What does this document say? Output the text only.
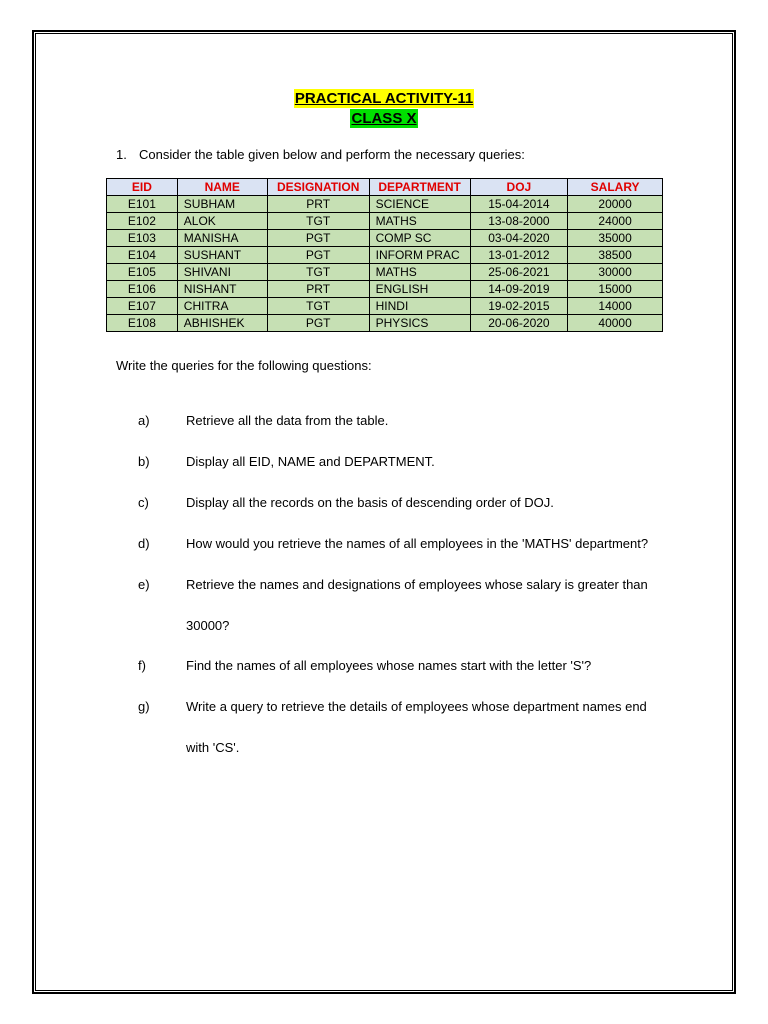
PRACTICAL ACTIVITY-11
CLASS X
1. Consider the table given below and perform the necessary queries:
EID	NAME	DESIGNATION	DEPARTMENT	DOJ	SALARY
E101	SUBHAM	PRT	SCIENCE	15-04-2014	20000
E102	ALOK	TGT	MATHS	13-08-2000	24000
E103	MANISHA	PGT	COMP SC	03-04-2020	35000
E104	SUSHANT	PGT	INFORM PRAC	13-01-2012	38500
E105	SHIVANI	TGT	MATHS	25-06-2021	30000
E106	NISHANT	PRT	ENGLISH	14-09-2019	15000
E107	CHITRA	TGT	HINDI	19-02-2015	14000
E108	ABHISHEK	PGT	PHYSICS	20-06-2020	40000
Write the queries for the following questions:
a)	Retrieve all the data from the table.
b)	Display all EID, NAME and DEPARTMENT.
c)	Display all the records on the basis of descending order of DOJ.
d)	How would you retrieve the names of all employees in the 'MATHS' department?
e)	Retrieve the names and designations of employees whose salary is greater than
30000?
f)	Find the names of all employees whose names start with the letter 'S'?
g)	Write a query to retrieve the details of employees whose department names end
with 'CS'.
